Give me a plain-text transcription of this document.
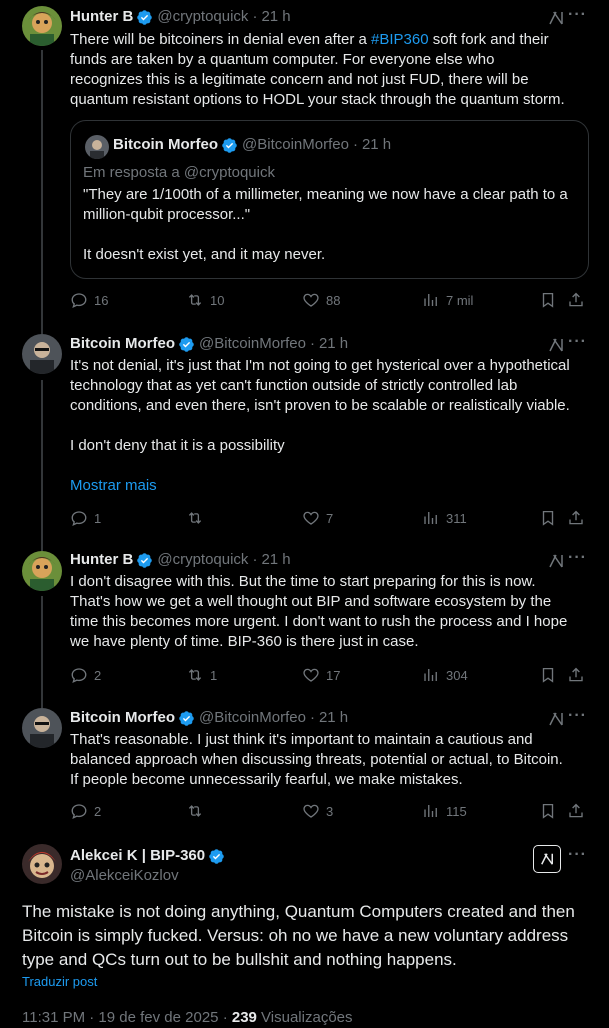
Hunter Β @cryptoquick · 21 h	···
There will be bitcoiners in denial even after a #BIP360 soft fork and their funds are taken by a quantum computer. For everyone else who recognizes this is a legitimate concern and not just FUD, there will be quantum resistant options to HODL your stack through the quantum storm.
Bitcoin Morfeo @BitcoinMorfeo · 21 h
Em resposta a @cryptoquick
"They are 1/100th of a millimeter, meaning we now have a clear path to a million-qubit processor..."

It doesn't exist yet, and it may never.
16	10	88	7 mil
Bitcoin Morfeo @BitcoinMorfeo · 21 h	···
It's not denial, it's just that I'm not going to get hysterical over a hypothetical technology that as yet can't function outside of strictly controlled lab conditions, and even there, isn't proven to be scalable or realistically viable.

I don't deny that it is a possibility
Mostrar mais
1	7	311
Hunter Β @cryptoquick · 21 h	···
I don't disagree with this. But the time to start preparing for this is now. That's how we get a well thought out BIP and software ecosystem by the time this becomes more urgent. I don't want to rush the process and I hope we have plenty of time. BIP-360 is there just in case.
2	1	17	304
Bitcoin Morfeo @BitcoinMorfeo · 21 h	···
That's reasonable. I just think it's important to maintain a cautious and balanced approach when discussing threats, potential or actual, to Bitcoin. If people become unnecessarily fearful, we make mistakes.
2	3	115
Alekcei K | BIP-360
@AlekceiKozlov
···
The mistake is not doing anything, Quantum Computers created and then Bitcoin is simply fucked. Versus: oh no we have a new voluntary address type and QCs turn out to be bullshit and nothing happens.
Traduzir post
11:31 PM · 19 de fev de 2025 · 239 Visualizações
